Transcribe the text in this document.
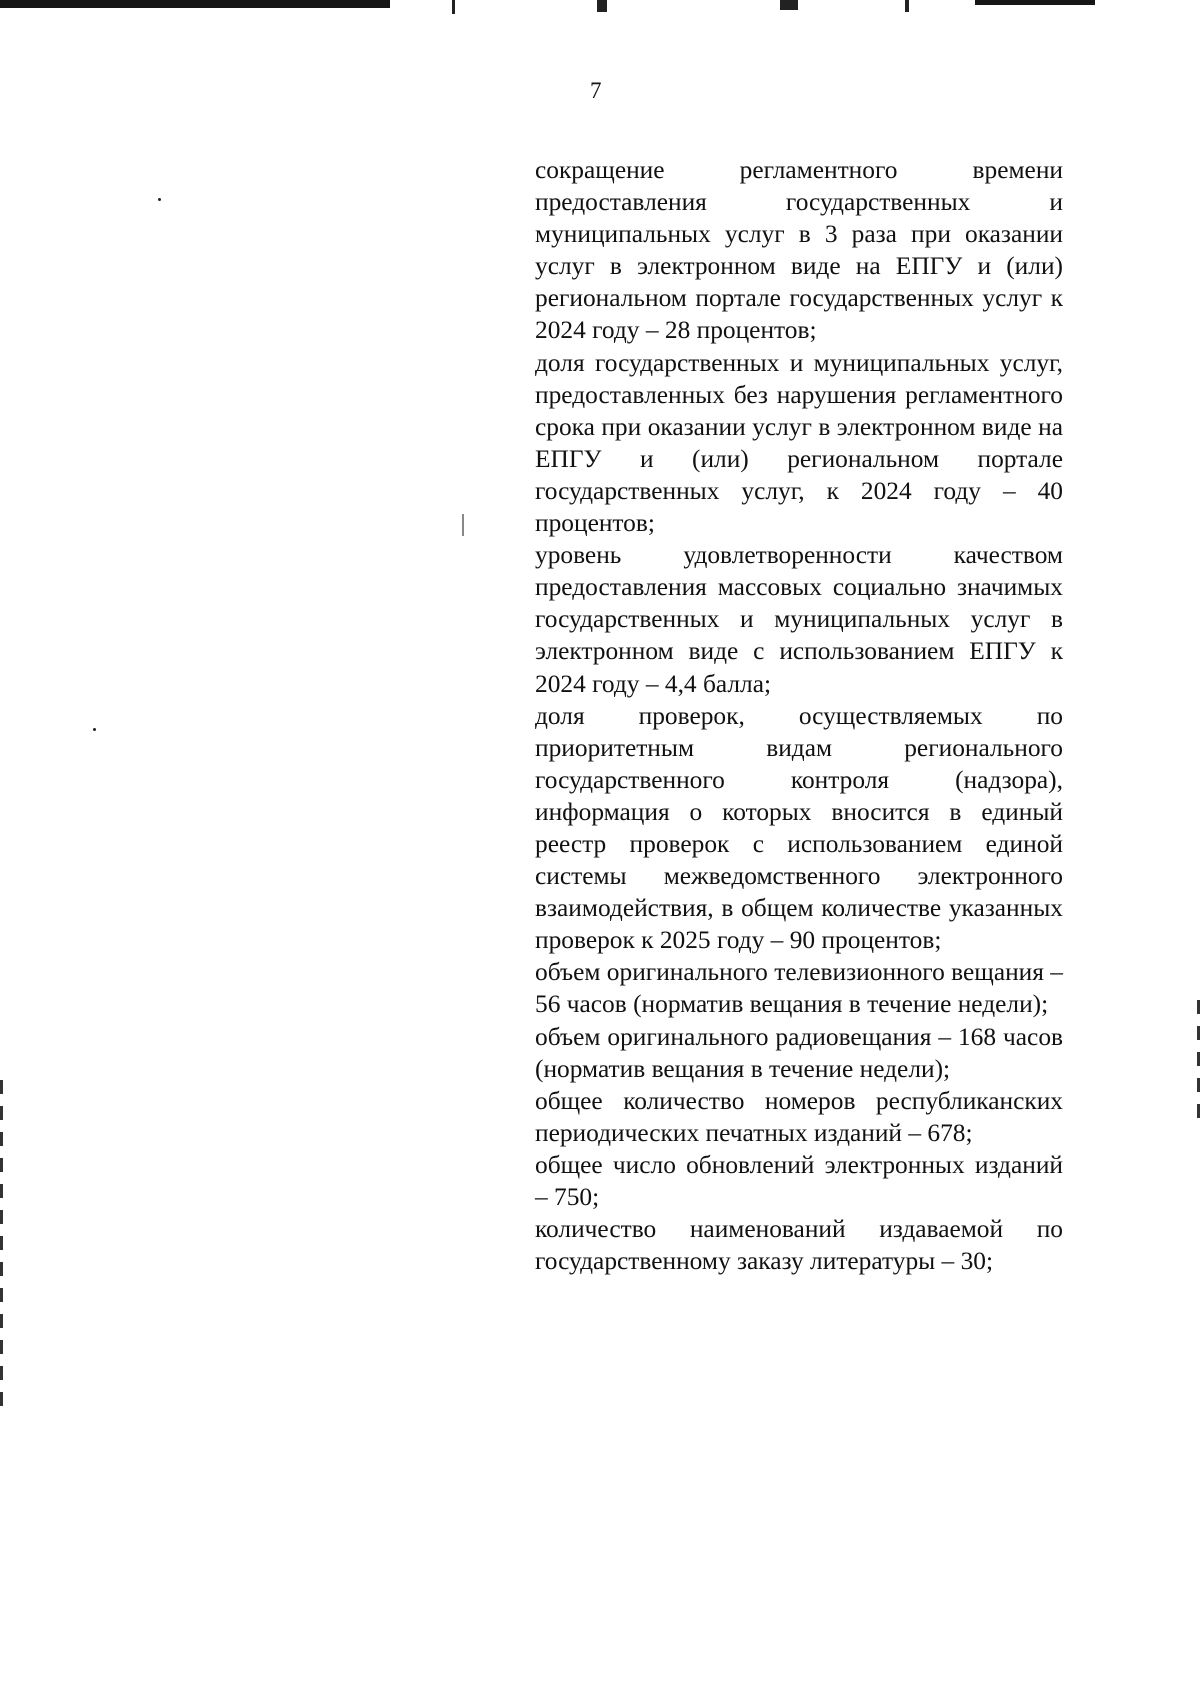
7

сокращение регламентного времени предоставления государственных и муниципальных услуг в 3 раза при оказании услуг в электронном виде на ЕПГУ и (или) региональном портале государственных услуг к 2024 году – 28 процентов;

доля государственных и муниципальных услуг, предоставленных без нарушения регламентного срока при оказании услуг в электронном виде на ЕПГУ и (или) региональном портале государственных услуг, к 2024 году – 40 процентов;

уровень удовлетворенности качеством предоставления массовых социально значимых государственных и муниципальных услуг в электронном виде с использованием ЕПГУ к 2024 году – 4,4 балла;

доля проверок, осуществляемых по приоритетным видам регионального государственного контроля (надзора), информация о которых вносится в единый реестр проверок с использованием единой системы межведомственного электронного взаимодействия, в общем количестве указанных проверок к 2025 году – 90 процентов;

объем оригинального телевизионного вещания – 56 часов (норматив вещания в течение недели);

объем оригинального радиовещания – 168 часов (норматив вещания в течение недели);

общее количество номеров республиканских периодических печатных изданий – 678;

общее число обновлений электронных изданий – 750;

количество наименований издаваемой по государственному заказу литературы – 30;
